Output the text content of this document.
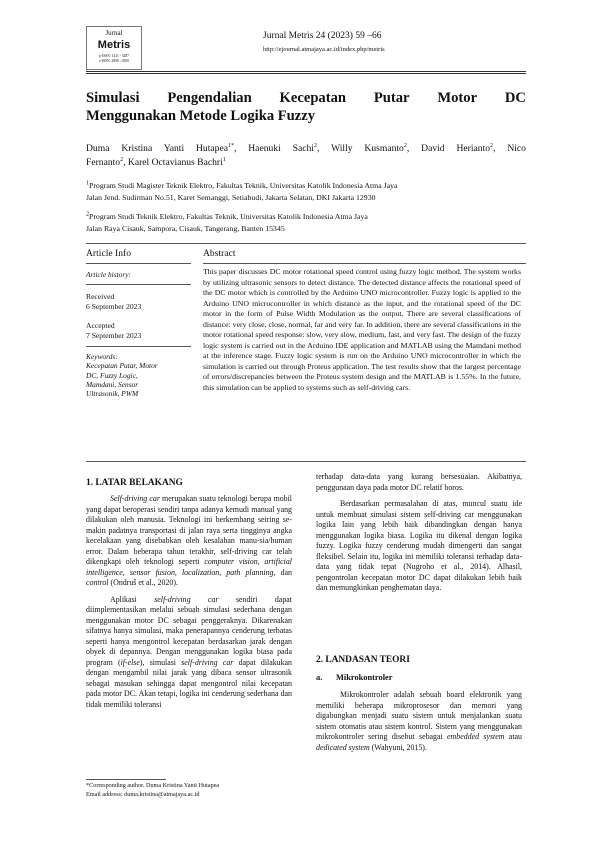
Jurnal
Metris
p-ISSN: 1411 - 3287
e-ISSN: 2808 - 4500
Jurnal Metris 24 (2023) 59 –66
http://ejournal.atmajaya.ac.id/index.php/metris
Simulasi Pengendalian Kecepatan Putar Motor DC
Menggunakan Metode Logika Fuzzy
Duma Kristina Yanti Hutapea$^{1*}$, Haenuki Sachi$^2$, Willy Kusmanto$^2$, David Herianto$^2$, Nico
Fernanto$^2$, Karel Octavianus Bachri$^1$
$^1$Program Studi Magister Teknik Elektro, Fakultas Teknik, Universitas Katolik Indonesia Atma Jaya
Jalan Jend. Sudirman No.51, Karet Semanggi, Setiabudi, Jakarta Selatan, DKI Jakarta 12930
$^2$Program Studi Teknik Elektro, Fakultas Teknik, Universitas Katolik Indonesia Atma Jaya
Jalan Raya Cisauk, Sampora, Cisauk, Tangerang, Banten 15345
Article Info	Abstract
Article history:
Received
6 September 2023
Accepted
7 September 2023
Keywords:
Kecepatan Putar, Motor
DC, Fuzzy Logic,
Mamdani, Sensor
Ultrasonik, PWM
This paper discusses DC motor rotational speed control using fuzzy logic method. The system works by utilizing ultrasonic sensors to detect distance. The detected distance affects the rotational speed of the DC motor which is controlled by the Arduino UNO microcontroller. Fuzzy logic is applied to the Arduino UNO microcontroller in which distance as the input, and the rotational speed of the DC motor in the form of Pulse Width Modulation as the output. There are several classifications of distance: very close, close, normal, far and very far. In addition, there are several classifications in the motor rotational speed response: slow, very slow, medium, fast, and very fast. The design of the fuzzy logic system is carried out in the Arduino IDE application and MATLAB using the Mamdani method at the inference stage. Fuzzy logic system is run on the Arduino UNO microcontroller in which the simulation is carried out through Proteus application. The test results show that the largest percentage of errors/discrepancies between the Proteus system design and the MATLAB is 1.55%. In the future, this simulation can be applied to systems such as self-driving cars.
1. LATAR BELAKANG

Self-driving car merupakan suatu teknologi berupa mobil yang dapat beroperasi sendiri tanpa adanya kemudi manual yang dilakukan oleh manusia. Teknologi ini berkembang seiring se-makin padatnya transportasi di jalan raya serta tingginya angka kecelakaan yang disebabkan oleh kesalahan manu-sia/human error. Dalam beberapa tahun terakhir, self-driving car telah dikengkapi oleh teknologi seperti computer vision, artificial intelligence, sensor fusion, localization, path planning, dan control (Ondruš et al., 2020).

Aplikasi self-driving car sendiri dapat diimplementasikan melalui sebuah simulasi sederhana dengan menggunakan motor DC sebagai penggeraknya. Dikarenakan sifatnya hanya simulasi, maka penerapannya cenderung terbatas seperti hanya mengontrol kecepatan berdasarkan jarak dengan obyek di depannya. Dengan menggunakan logika biasa pada program (if-else), simulasi self-driving car dapat dilakukan dengan mengambil nilai jarak yang dibaca sensor ultrasonik sebagai masukan sehingga dapat mengontrol nilai kecepatan pada motor DC. Akan tetapi, logika ini cenderung sederhana dan tidak memiliki toleransi

*Corresponding author. Duma Kristina Yanti Hutapea
Email address: duma.kristina@atmajaya.ac.id

terhadap data-data yang kurang bersesuaian. Akibatnya, penggunaan daya pada motor DC relatif boros.

Berdasarkan permasalahan di atas, muncul suatu ide untuk membuat simulasi sistem self-driving car menggunakan logika lain yang lebih baik dibandingkan dengan hanya menggunakan logika biasa. Logika itu dikenal dengan logika fuzzy. Logika fuzzy cenderung mudah dimengerti dan sangat fleksibel. Selain itu, logika ini memiliki toleransi terhadap data-data yang tidak tepat (Nugroho et al., 2014). Alhasil, pengontrolan kecepatan motor DC dapat dilakukan lebih baik dan memungkinkan penghematan daya.

2. LANDASAN TEORI
a. Mikrokontroler

Mikrokontroler adalah sebuah board elektronik yang memiliki beberapa mikroprosesor dan memori yang digabungkan menjadi suatu sistem untuk menjalankan suatu sistem otomatis atau sistem kontrol. Sistem yang menggunakan mikrokontroler sering disebut sebagai embedded system atau dedicated system (Wahyuni, 2015).
